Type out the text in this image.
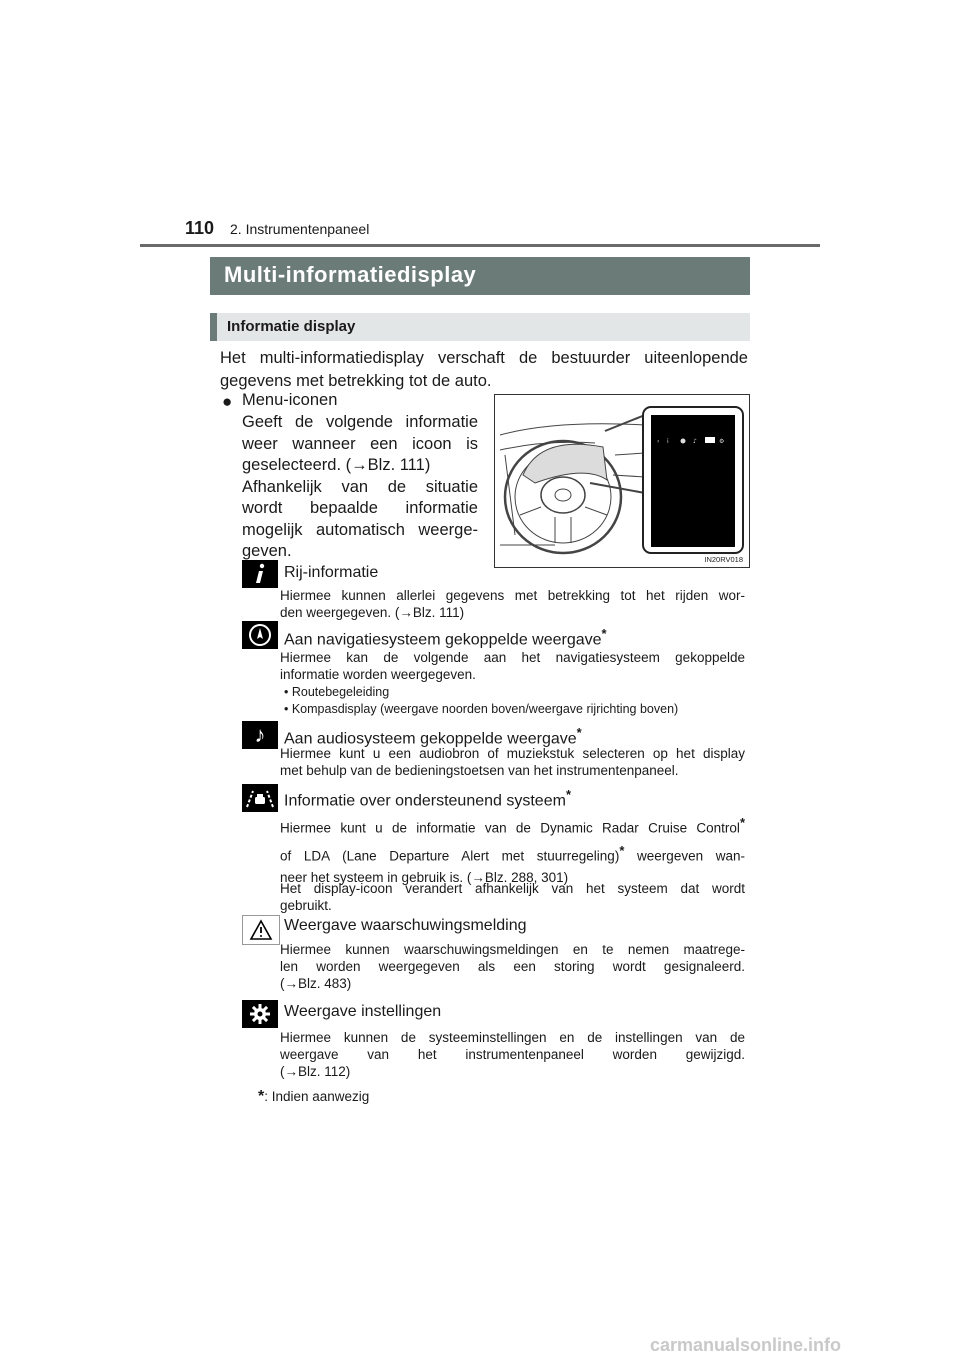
110 2. Instrumentenpaneel
Multi-informatiedisplay
Informatie display
Het multi-informatiedisplay verschaft de bestuurder uiteenlopende
gegevens met betrekking tot de auto.
● Menu-iconen
Geeft de volgende informatie
weer wanneer een icoon is
geselecteerd. (→Blz. 111)
Afhankelijk van de situatie
wordt bepaalde informatie
mogelijk automatisch weerge-
geven.
‹ i	♪	⚙
IN20RV018
Rij-informatie
Hiermee kunnen allerlei gegevens met betrekking tot het rijden wor-
den weergegeven. (→Blz. 111)
Aan navigatiesysteem gekoppelde weergave*
Hiermee kan de volgende aan het navigatiesysteem gekoppelde
informatie worden weergegeven.
• Routebegeleiding
• Kompasdisplay (weergave noorden boven/weergave rijrichting boven)
♪ Aan audiosysteem gekoppelde weergave*
Hiermee kunt u een audiobron of muziekstuk selecteren op het display
met behulp van de bedieningstoetsen van het instrumentenpaneel.
Informatie over ondersteunend systeem*
Hiermee kunt u de informatie van de Dynamic Radar Cruise Control*
of LDA (Lane Departure Alert met stuurregeling)* weergeven wan-
neer het systeem in gebruik is. (→Blz. 288, 301)
Het display-icoon verandert afhankelijk van het systeem dat wordt
gebruikt.
Weergave waarschuwingsmelding
Hiermee kunnen waarschuwingsmeldingen en te nemen maatrege-
len worden weergegeven als een storing wordt gesignaleerd.
(→Blz. 483)
Weergave instellingen
Hiermee kunnen de systeeminstellingen en de instellingen van de
weergave van het instrumentenpaneel worden gewijzigd.
(→Blz. 112)
*: Indien aanwezig
carmanualsonline.info
